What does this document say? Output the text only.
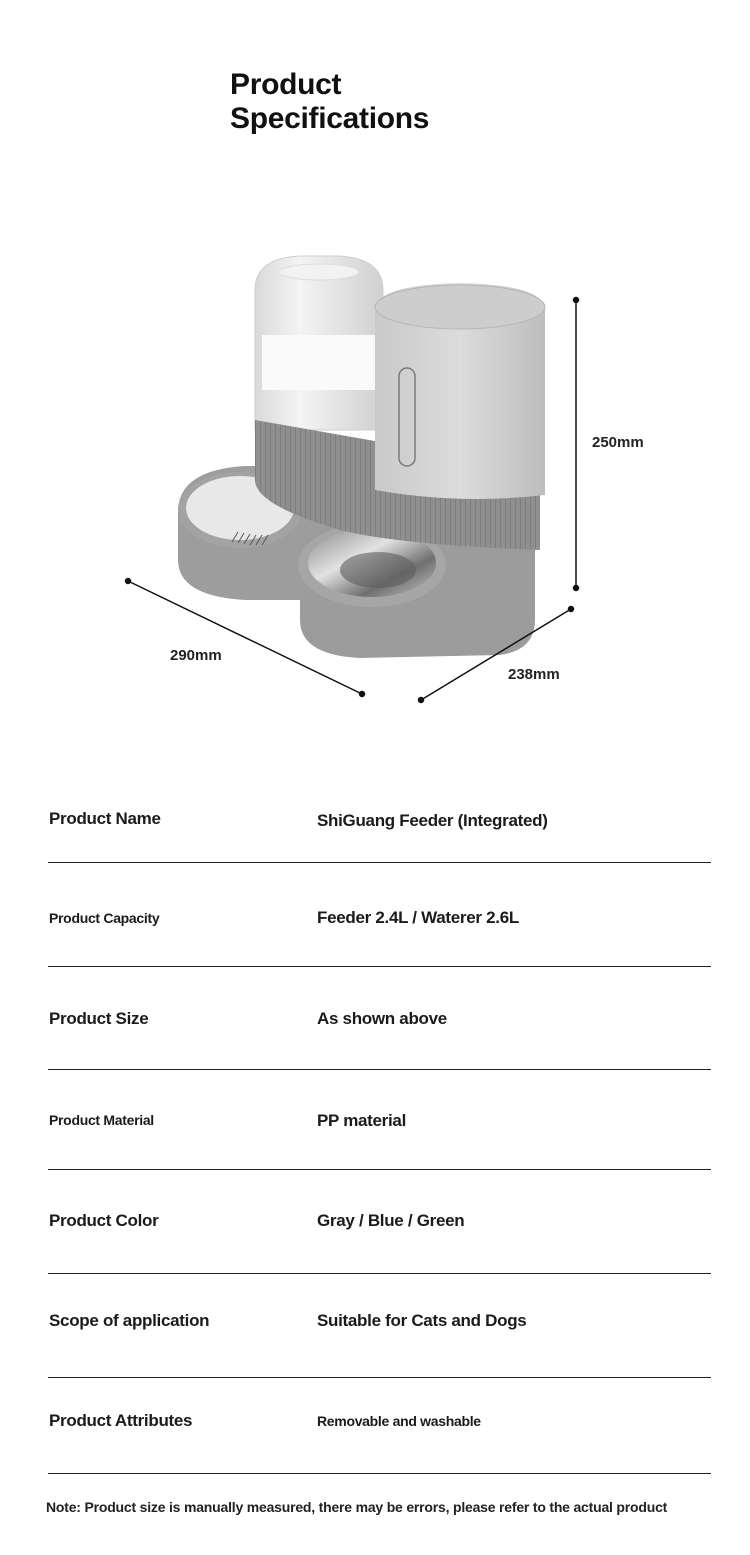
Product
Specifications
250mm
290mm
238mm
Product Name	ShiGuang Feeder (Integrated)
Product Capacity	Feeder 2.4L / Waterer 2.6L
Product Size	As shown above
Product Material	PP material
Product Color	Gray / Blue / Green
Scope of application	Suitable for Cats and Dogs
Product Attributes	Removable and washable
Note: Product size is manually measured, there may be errors, please refer to the actual product
